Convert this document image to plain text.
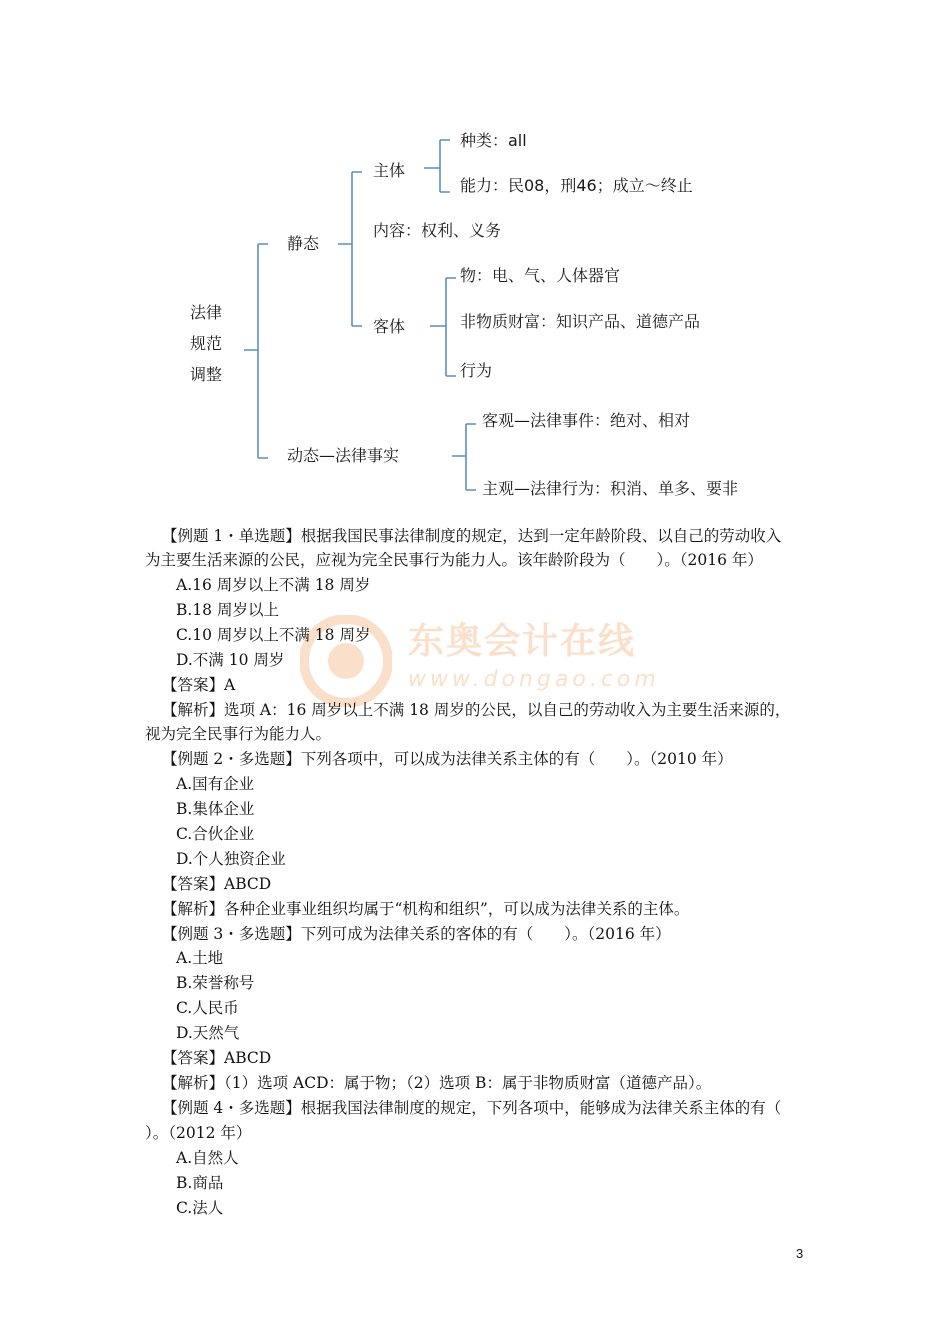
法律
规范
调整
静态
主体
种类：all
能力：民08，刑46；成立～终止
内容：权利、义务
客体
物：电、气、人体器官
非物质财富：知识产品、道德产品
行为
动态—法律事实
客观—法律事件：绝对、相对
主观—法律行为：积消、单多、要非
东奥会计在线
www.dongao.com
【例题 1・单选题】根据我国民事法律制度的规定，达到一定年龄阶段、以自己的劳动收入
为主要生活来源的公民，应视为完全民事行为能力人。该年龄阶段为（　　）。（2016 年）
A.16 周岁以上不满 18 周岁
B.18 周岁以上
C.10 周岁以上不满 18 周岁
D.不满 10 周岁
【答案】A
【解析】选项 A：16 周岁以上不满 18 周岁的公民，以自己的劳动收入为主要生活来源的，
视为完全民事行为能力人。
【例题 2・多选题】下列各项中，可以成为法律关系主体的有（　　）。（2010 年）
A.国有企业
B.集体企业
C.合伙企业
D.个人独资企业
【答案】ABCD
【解析】各种企业事业组织均属于“机构和组织”，可以成为法律关系的主体。
【例题 3・多选题】下列可成为法律关系的客体的有（　　）。（2016 年）
A.土地
B.荣誉称号
C.人民币
D.天然气
【答案】ABCD
【解析】（1）选项 ACD：属于物；（2）选项 B：属于非物质财富（道德产品）。
【例题 4・多选题】根据我国法律制度的规定，下列各项中，能够成为法律关系主体的有（
）。（2012 年）
A.自然人
B.商品
C.法人
3
